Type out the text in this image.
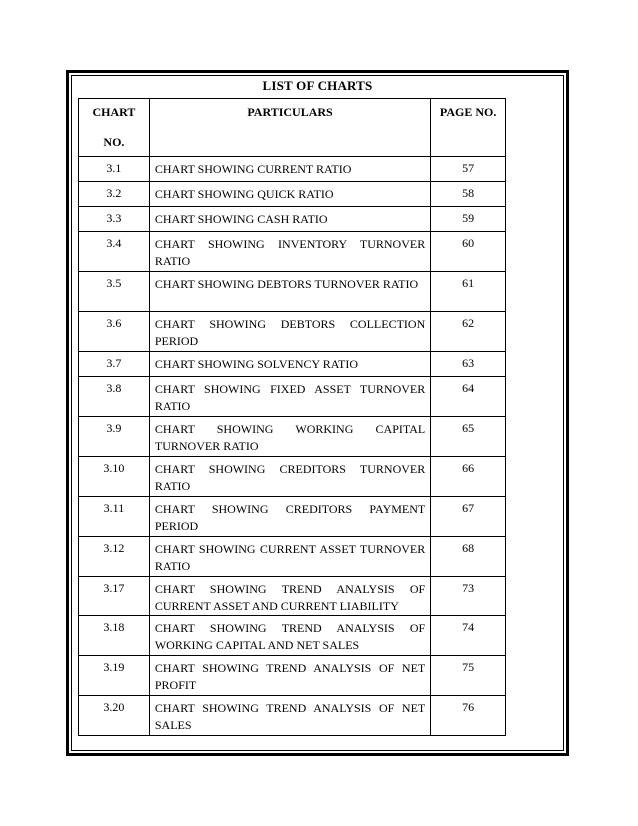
LIST OF CHARTS
CHART
NO.	PARTICULARS	PAGE NO.
3.1	CHART SHOWING CURRENT RATIO	57
3.2	CHART SHOWING QUICK RATIO	58
3.3	CHART SHOWING CASH RATIO	59
3.4	CHART SHOWING INVENTORY TURNOVER RATIO	60
3.5	CHART SHOWING DEBTORS TURNOVER RATIO	61
3.6	CHART SHOWING DEBTORS COLLECTION PERIOD	62
3.7	CHART SHOWING SOLVENCY RATIO	63
3.8	CHART SHOWING FIXED ASSET TURNOVER RATIO	64
3.9	CHART SHOWING WORKING CAPITAL TURNOVER RATIO	65
3.10	CHART SHOWING CREDITORS TURNOVER RATIO	66
3.11	CHART SHOWING CREDITORS PAYMENT PERIOD	67
3.12	CHART SHOWING CURRENT ASSET TURNOVER RATIO	68
3.17	CHART SHOWING TREND ANALYSIS OF CURRENT ASSET AND CURRENT LIABILITY	73
3.18	CHART SHOWING TREND ANALYSIS OF WORKING CAPITAL AND NET SALES	74
3.19	CHART SHOWING TREND ANALYSIS OF NET PROFIT	75
3.20	CHART SHOWING TREND ANALYSIS OF NET SALES	76
